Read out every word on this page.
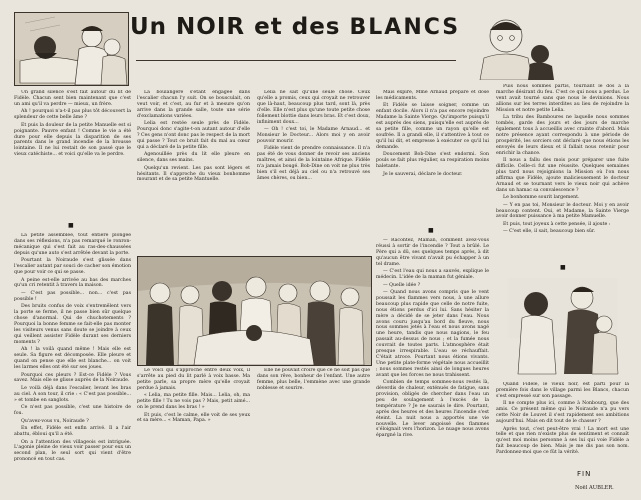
Un NOIR et des BLANCS

Un grand silence s'est fait autour du lit de Fidèle. Chacun sent bien maintenant que c'est un ami qu'il va perdre — mieux, un frère.

Ah ! pourquoi n'a-t-il pas plus tôt découvert la splendeur de cette belle âme ?

Et puis la douleur de la petite Manuelle est si poignante. Pauvre enfant ! Comme le vie a été dure pour elle depuis la disparition de ses parents dans le grand incendie de la brousse lointaine. Il ne lui restait de son passé que le vieux catéchiste... et voici qu'elle va le perdre.

■

La petite assemblée, tout entière plongée dans ses réflexions, n'a pas remarqué le ronron-mécanique qui s'est fait au ras-des-chaussées depuis qu'une auto s'est arrêtée devant la porte.

Pourtant la Noiraude s'est glissée dans l'escalier autant par souci de cacher son émotion que pour voir ce qui se passe.

A peine est-elle arrivée au bas des marches qu'un cri retentit à travers la maison.

— C'est pas possible... non... c'est pas possible !

Des bruits confus de voix s'entremêlent vers la porte se ferme, il ne passe bien sûr quelque chose d'anormal. Qui de chuchotements ? Pourquoi la bonne femme se fait-elle pas monter les visiteurs venus sans doute se joindre à ceux qui veillent assister Fidèle durant ses derniers moments ?

Ah ! la voilà quand même ! Mais elle est seule. Sa figure est décomposée. Elle pleure et quand on pense que elle est blanche... on voit les larmes elles ont été sur ses joues.

Pourquoi ces pleurs ? Est-ce Fidèle ? Vous savez. Mais elle se glisse auprès de la Noiraude.

Le voilà déjà dans l'escalier, levant les bras au ciel. A son tour, il crie : « C'est pas possible... » et tombe en sanglots.

Ce n'est pas possible, c'est une histoire de fou.

Qu'avez-vous vu, Noiraude ?

En effet, Fidèle est enfin arrivé. Il a l'air abattu, ébloui qu'il a été.

On a l'attention des villageois est intriguée. L'agonie pleine de vieux voir passer pour eux un second plan, le seul sort qui vient d'être prononcé en tout cas.

La boulangère s'étant engagée dans l'escalier chacun l'y suit. On se bousculait, on veut voir, et c'est, au fur et à mesure qu'on arrive dans la grande salle, toute une série d'exclamations variées.

Lelia est restée seule près de Fidèle. Pourquoi donc s'agite-t-on autant autour d'elle ? Ces gens n'ont donc pas le respect de la mort qui passe ? Tout ce bruit fait du mal au cœur qui a déclaré de la petite fille.

Agenouillée près du lit elle pleure en silence, dans ses mains.

Quelqu'un revient. Les pas sont légers et hésitants. Il s'approche du vieux bonhomme mourant et de sa petite Mantuelle.

Lelia ne sait qu'une seule chose. Ceux qu'elle a promis, ceux qui croyait ne retrouver que là-haut, beaucoup plus tard, sont là, près d'elle. Elle n'est plus qu'une toute petite chose follement blottie dans leurs bras. Et c'est doux, infiniment doux...

— Oh ! c'est toi, le Madame Arnaud... et Monsieur le Docteur... Alors moi y en avoir pouvoir mourir.

Fidèle vient de prendre connaissance. Il n'a pas été de vous donner de revoir ses anciens maîtres, et ainsi de la lointaine Afrique. Fidèle n'a jamais bougé. Bob-Dine on voit ne plus très bien s'il est déjà au ciel ou n'a retrouvé ses âmes chères, ou bien...

Le voici qui s'approche entre deux voix, il s'arrête au pied du lit parlé à voix basse. Ma petite parle, sa propre mère qu'elle croyait perdue à jamais.

« Lelia, ma petite fille. Mais... Lelia, oh, ma petite fille ! Tu ne vois pas ? Mais, petit aimé... on le prend dans les bras ! »

Et puis, c'est le calme, elle voit de ses yeux et sa mère... « Maman, Papa. »

Elle ne pouvait croire que ce ne soit pas que dans son rêve, bonheur de l'enfant. Une autre femme, plus belle, l'emmène avec une grande noblesse et sourire.

Mais expire, Mme Arnaud prépare et dose les médicaments.

Et Fidèle se laisse soigner, comme un enfant docile. Alors il n'a pas encore rejoindre Madame la Sainte Vierge. Qu'importe puisqu'il est auprès des siens, puisqu'elle est auprès de sa petite fille, comme un rayon qu'elle est soufrée. Il a grandi elle, il s'attentive à tout ce qu'il lui dit, et empresse à exécuter ce qu'il lui demande.

Doucement Bob-Dine s'est endormi. Son pouls se fait plus régulier, sa respiration moins haletante.

Je le sauverai, déclare le docteur.

■

— Racontez, Maman, comment avez-vous réussi à sortir de l'incendie ? Tout a brûlé. Le Père qui a dû, ses quelques temps après, à dit qu'aucun être vivant n'avait pu échapper à un tel drame.

— C'est l'eau qui nous a sauvés, explique le médecin. L'idée de la maman fut géniale.

— Quelle idée ?

— Quand nous avons compris que le vent poussait les flammes vers nous, à une allure beaucoup plus rapide que celle de notre fuite, nous étions perdus d'ici lui. Sans hésiter la mère a décidé de se jeter dans l'eau. Nous avons couru jusqu'au bord du fleuve, nous nous sommes jetés à l'eau et nous avons nagé une heure, tandis que nous nagions, le feu passait au-dessus de nous ; et la fumée nous couvrait de toutes parts. L'atmosphère était presque irrespirable. L'eau se réchauffait. C'était atroce. Pourtant nous étions vivants. Une petite plate-forme végétale nous accueillit ; nous sommes restés ainsi de longues heures avant que les forces ne nous trahissent.

Combien de temps sommes-nous restés là, déverdis de chaleur, exténués de fatigue, sans provision, obligés de chercher dans l'eau un peu de soulagement à l'excès de la température ? Je ne saurais le dire. Pourtant, après des heures et des heures l'incendie s'est éteint. La nuit nous a apportés une vie nouvelle. Le lever angoissé des flammes s'éloignait vers l'horizon. Le nuage nous avons épargné la rive.

Puis nous sommes partis, tournant le dos à la marche désirant du feu. C'est ce qui nous a perdus. Le vent avait tourné sans que nous le devinions. Nous allions sur les terres interdites au lieu de rejoindre la Mission et notre petite Lelia.

La tribu des Bamboures ne laquelle nous sommes tombés, garde des jours et des jours de marche également tous à accueillis avec crainte d'abord. Mais notre présence ayant correspondu à une période de prospérité, les sorciers ont déclaré que nous étions les envoyés de leurs dieux et il fallait nous retenir pour enrichir la chance.

Il nous a fallu des mois pour préparer une fuite difficile. Celle-ci fut une réussite. Quelques semaines plus tard nous rejoignions la Mission où l'on nous affirma que Fidèle, ajoute malicieusement le docteur Arnaud et se tournant vers le vieux noir qui achève dans un hamac sa convalescence ?

Le bonhomme sourit largement.

— Y en pas toi, Monsieur le docteur. Moi y en avoir beaucoup content. Oui, et Madame, la Sainte Vierge avoir donner puissance à ma petite Mamuelle.

Et puis, tout joyeux à cette pensée, il ajoute :

— C'est elle, il sait, beaucoup bien sûr.

■

Quand Fidèle, le vieux noir, est parti pour la première fois dans le village parmi les Blancs, chacun s'est empressé sur son passage.

Il ne compte plus ici, comme à Nonbourg, que des amis. Ce présent même qui le Noiraude n'a pu vers cette Noir de Louvet il s'est rapidement ses ambitions aujourd'hui. Mais en dit tout de le chasser ?

Après tout, c'est peut-être vrai ! La mort est une telle et que rien n'existe plus de sentiment et connaît qu'est moi moins personne à ses lui qui voie Fidèle a fait beaucoup de bien. Mais je me dis pas son nom. Pardonnez-moi que ce fût la vérité.

FIN
Noël AUBLER.
